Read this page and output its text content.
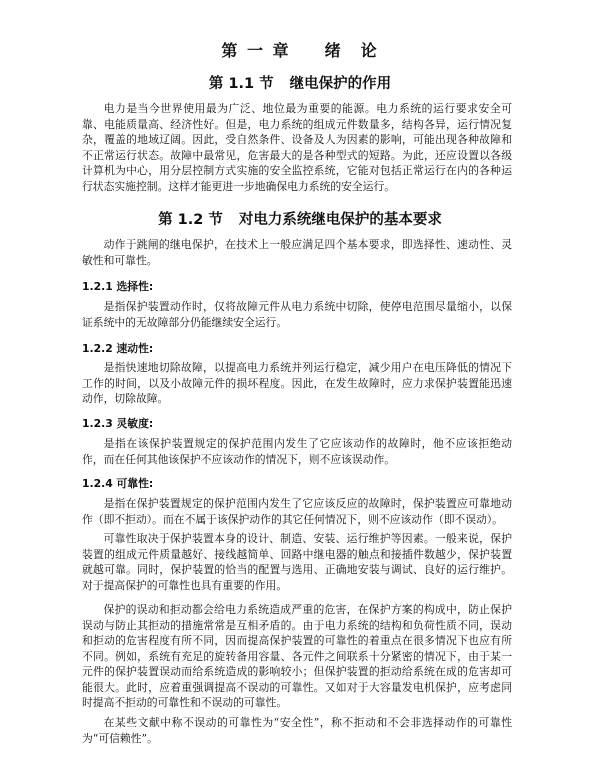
第 一 章 绪　论
第 1.1 节 继电保护的作用

电力是当今世界使用最为广泛、地位最为重要的能源。电力系统的运行要求安全可靠、电能质量高、经济性好。但是，电力系统的组成元件数量多，结构各异，运行情况复杂，覆盖的地域辽阔。因此，受自然条件、设备及人为因素的影响，可能出现各种故障和不正常运行状态。故障中最常见，危害最大的是各种型式的短路。为此，还应设置以各级计算机为中心，用分层控制方式实施的安全监控系统，它能对包括正常运行在内的各种运行状态实施控制。这样才能更进一步地确保电力系统的安全运行。

第 1.2 节 对电力系统继电保护的基本要求

动作于跳闸的继电保护，在技术上一般应满足四个基本要求，即选择性、速动性、灵敏性和可靠性。

1.2.1 选择性:

是指保护装置动作时，仅将故障元件从电力系统中切除，使停电范围尽量缩小，以保证系统中的无故障部分仍能继续安全运行。

1.2.2 速动性:

是指快速地切除故障，以提高电力系统并列运行稳定，减少用户在电压降低的情况下工作的时间，以及小故障元件的损坏程度。因此，在发生故障时，应力求保护装置能迅速动作，切除故障。

1.2.3 灵敏度:

是指在该保护装置规定的保护范围内发生了它应该动作的故障时，他不应该拒绝动作，而在任何其他该保护不应该动作的情况下，则不应该误动作。

1.2.4 可靠性:

是指在保护装置规定的保护范围内发生了它应该反应的故障时，保护装置应可靠地动作（即不拒动）。而在不属于该保护动作的其它任何情况下，则不应该动作（即不误动）。

可靠性取决于保护装置本身的设计、制造、安装、运行维护等因素。一般来说，保护装置的组成元件质量越好、接线越简单、回路中继电器的触点和接插件数越少，保护装置就越可靠。同时，保护装置的恰当的配置与选用、正确地安装与调试、良好的运行维护。对于提高保护的可靠性也具有重要的作用。

保护的误动和拒动都会给电力系统造成严重的危害，在保护方案的构成中，防止保护误动与防止其拒动的措施常常是互相矛盾的。由于电力系统的结构和负荷性质不同，误动和拒动的危害程度有所不同，因而提高保护装置的可靠性的着重点在很多情况下也应有所不同。例如，系统有充足的旋转备用容量、各元件之间联系十分紧密的情况下，由于某一元件的保护装置误动而给系统造成的影响较小；但保护装置的拒动给系统在成的危害却可能很大。此时，应着重强调提高不误动的可靠性。又如对于大容量发电机保护，应考虑同时提高不拒动的可靠性和不误动的可靠性。

在某些文献中称不误动的可靠性为“安全性”，称不拒动和不会非选择动作的可靠性为“可信赖性”。
